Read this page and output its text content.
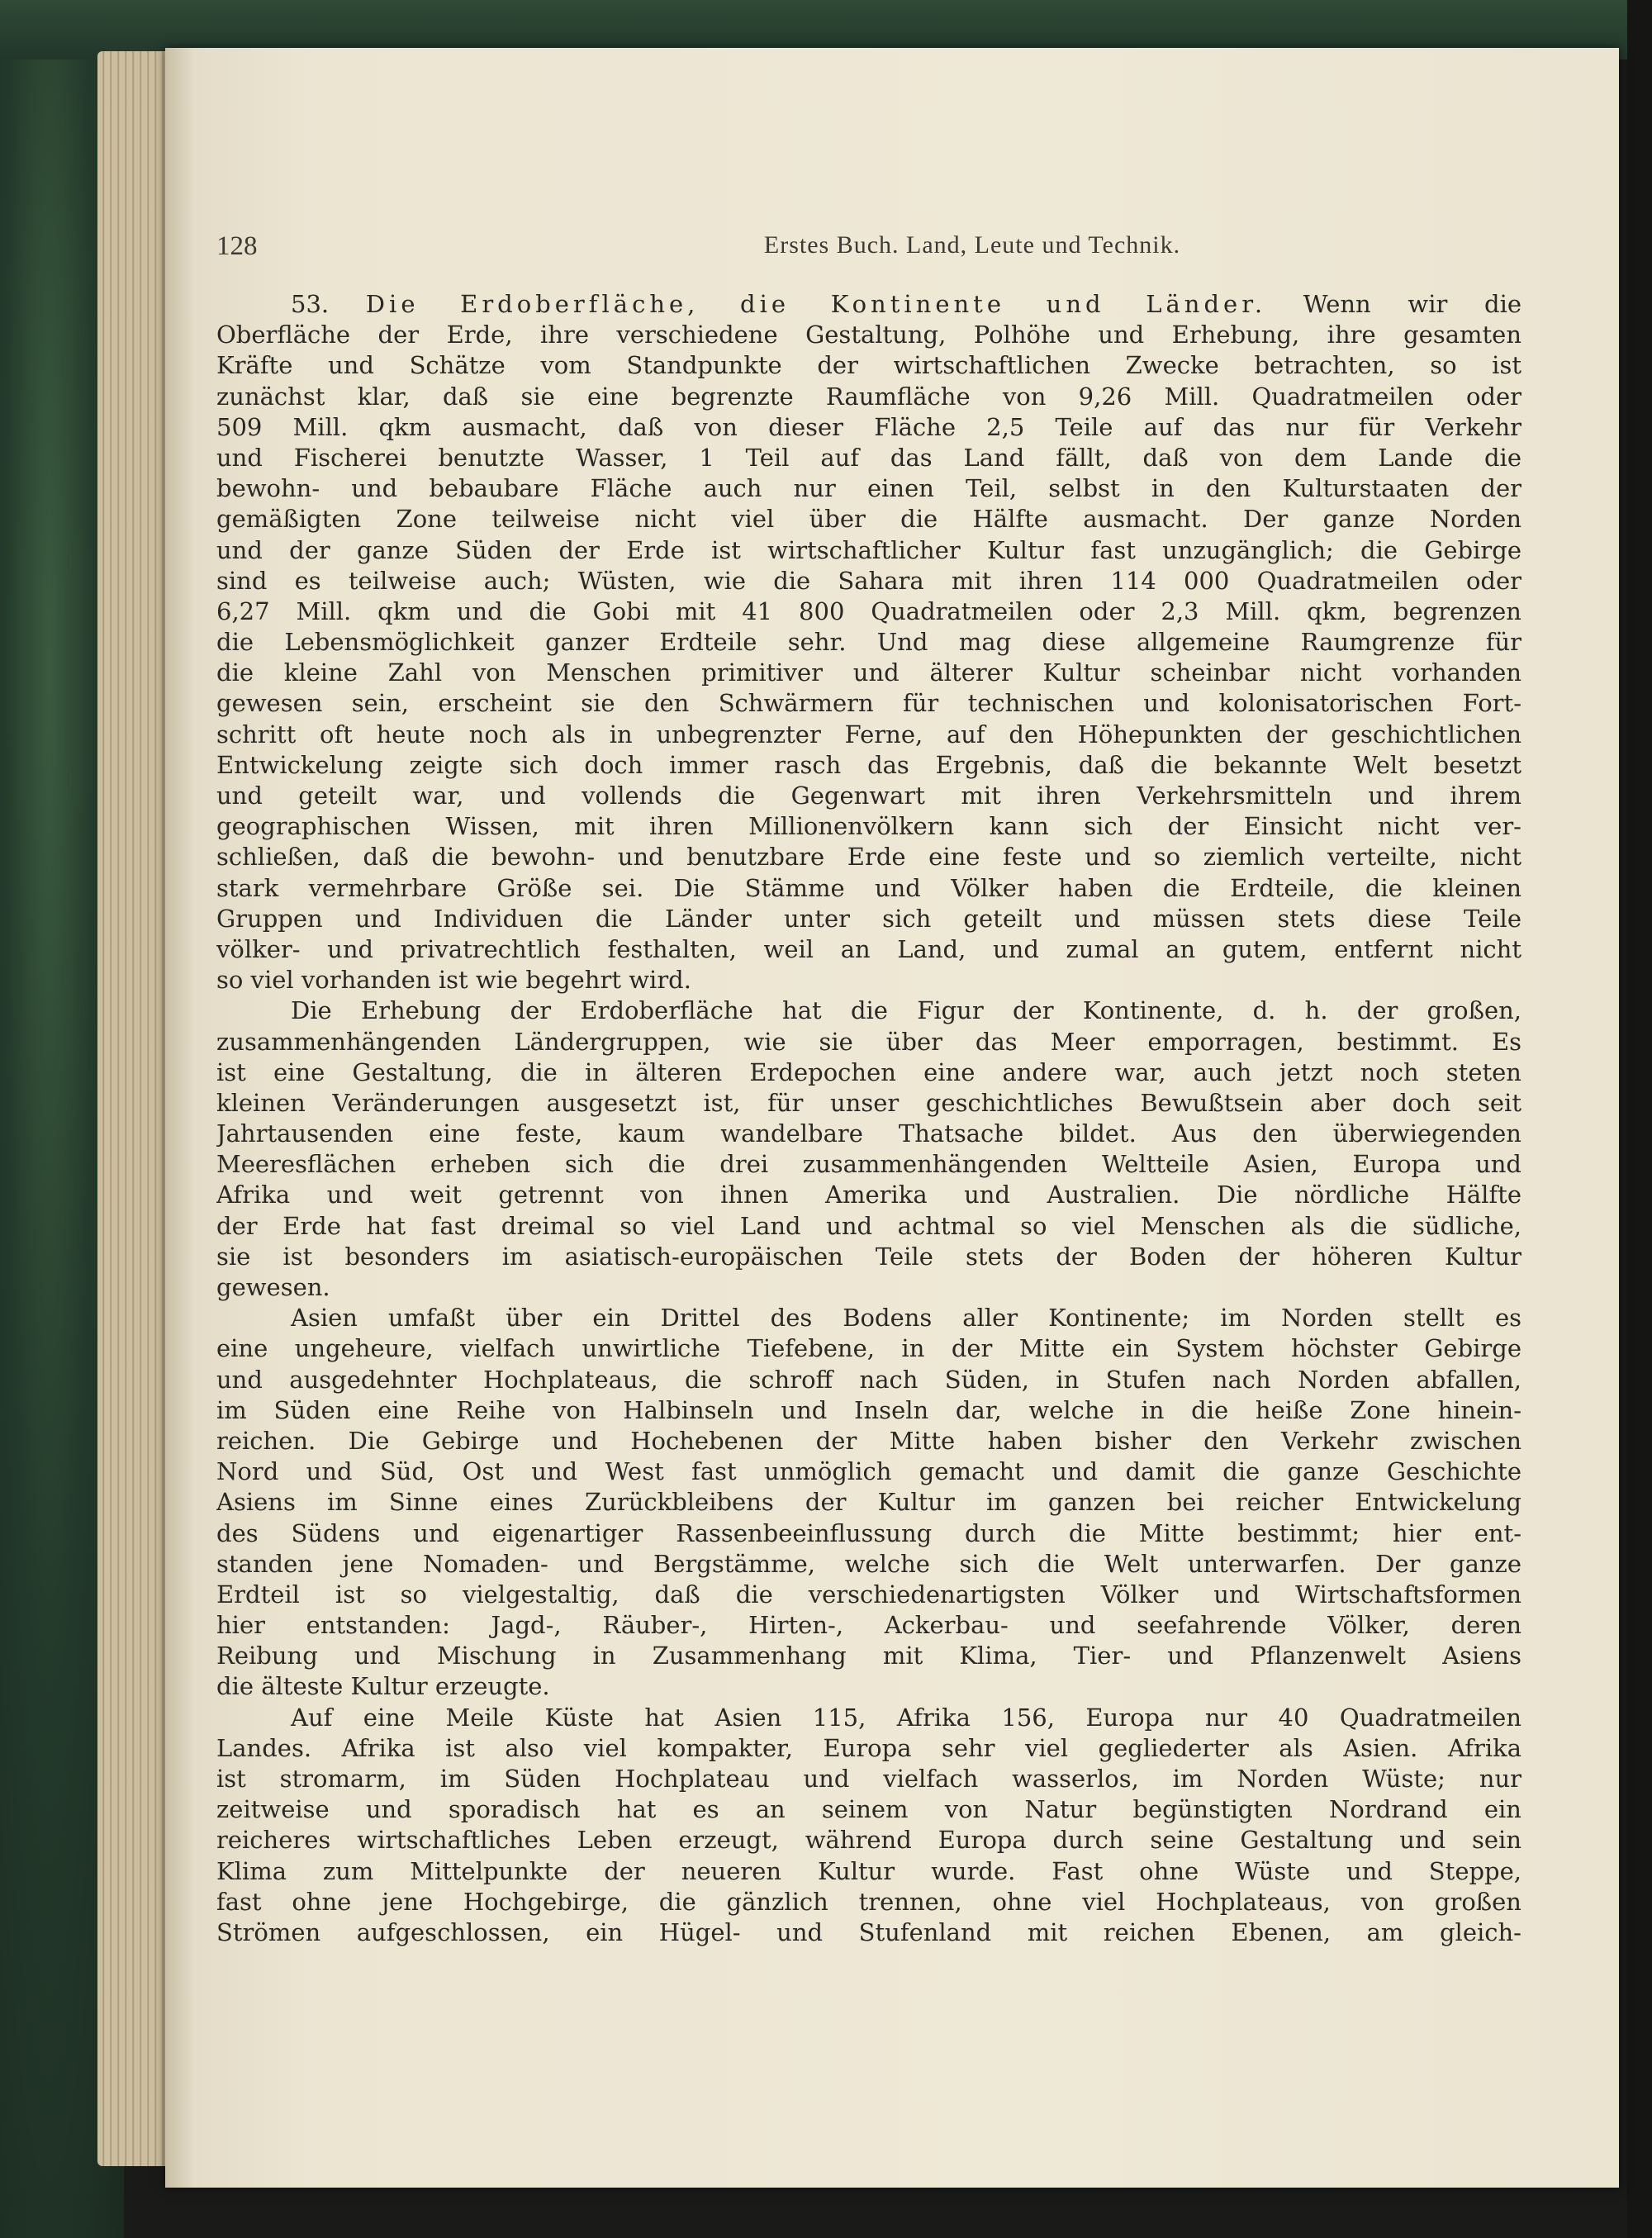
128	Erstes Buch. Land, Leute und Technik.
53. Die Erdoberfläche, die Kontinente und Länder. Wenn wir die
Oberfläche der Erde, ihre verschiedene Gestaltung, Polhöhe und Erhebung, ihre gesamten
Kräfte und Schätze vom Standpunkte der wirtschaftlichen Zwecke betrachten, so ist
zunächst klar, daß sie eine begrenzte Raumfläche von 9,26 Mill. Quadratmeilen oder
509 Mill. qkm ausmacht, daß von dieser Fläche 2,5 Teile auf das nur für Verkehr
und Fischerei benutzte Wasser, 1 Teil auf das Land fällt, daß von dem Lande die
bewohn- und bebaubare Fläche auch nur einen Teil, selbst in den Kulturstaaten der
gemäßigten Zone teilweise nicht viel über die Hälfte ausmacht. Der ganze Norden
und der ganze Süden der Erde ist wirtschaftlicher Kultur fast unzugänglich; die Gebirge
sind es teilweise auch; Wüsten, wie die Sahara mit ihren 114 000 Quadratmeilen oder
6,27 Mill. qkm und die Gobi mit 41 800 Quadratmeilen oder 2,3 Mill. qkm, begrenzen
die Lebensmöglichkeit ganzer Erdteile sehr. Und mag diese allgemeine Raumgrenze für
die kleine Zahl von Menschen primitiver und älterer Kultur scheinbar nicht vorhanden
gewesen sein, erscheint sie den Schwärmern für technischen und kolonisatorischen Fort-
schritt oft heute noch als in unbegrenzter Ferne, auf den Höhepunkten der geschichtlichen
Entwickelung zeigte sich doch immer rasch das Ergebnis, daß die bekannte Welt besetzt
und geteilt war, und vollends die Gegenwart mit ihren Verkehrsmitteln und ihrem
geographischen Wissen, mit ihren Millionenvölkern kann sich der Einsicht nicht ver-
schließen, daß die bewohn- und benutzbare Erde eine feste und so ziemlich verteilte, nicht
stark vermehrbare Größe sei. Die Stämme und Völker haben die Erdteile, die kleinen
Gruppen und Individuen die Länder unter sich geteilt und müssen stets diese Teile
völker- und privatrechtlich festhalten, weil an Land, und zumal an gutem, entfernt nicht
so viel vorhanden ist wie begehrt wird.
Die Erhebung der Erdoberfläche hat die Figur der Kontinente, d. h. der großen,
zusammenhängenden Ländergruppen, wie sie über das Meer emporragen, bestimmt. Es
ist eine Gestaltung, die in älteren Erdepochen eine andere war, auch jetzt noch steten
kleinen Veränderungen ausgesetzt ist, für unser geschichtliches Bewußtsein aber doch seit
Jahrtausenden eine feste, kaum wandelbare Thatsache bildet. Aus den überwiegenden
Meeresflächen erheben sich die drei zusammenhängenden Weltteile Asien, Europa und
Afrika und weit getrennt von ihnen Amerika und Australien. Die nördliche Hälfte
der Erde hat fast dreimal so viel Land und achtmal so viel Menschen als die südliche,
sie ist besonders im asiatisch-europäischen Teile stets der Boden der höheren Kultur
gewesen.
Asien umfaßt über ein Drittel des Bodens aller Kontinente; im Norden stellt es
eine ungeheure, vielfach unwirtliche Tiefebene, in der Mitte ein System höchster Gebirge
und ausgedehnter Hochplateaus, die schroff nach Süden, in Stufen nach Norden abfallen,
im Süden eine Reihe von Halbinseln und Inseln dar, welche in die heiße Zone hinein-
reichen. Die Gebirge und Hochebenen der Mitte haben bisher den Verkehr zwischen
Nord und Süd, Ost und West fast unmöglich gemacht und damit die ganze Geschichte
Asiens im Sinne eines Zurückbleibens der Kultur im ganzen bei reicher Entwickelung
des Südens und eigenartiger Rassenbeeinflussung durch die Mitte bestimmt; hier ent-
standen jene Nomaden- und Bergstämme, welche sich die Welt unterwarfen. Der ganze
Erdteil ist so vielgestaltig, daß die verschiedenartigsten Völker und Wirtschaftsformen
hier entstanden: Jagd-, Räuber-, Hirten-, Ackerbau- und seefahrende Völker, deren
Reibung und Mischung in Zusammenhang mit Klima, Tier- und Pflanzenwelt Asiens
die älteste Kultur erzeugte.
Auf eine Meile Küste hat Asien 115, Afrika 156, Europa nur 40 Quadratmeilen
Landes. Afrika ist also viel kompakter, Europa sehr viel gegliederter als Asien. Afrika
ist stromarm, im Süden Hochplateau und vielfach wasserlos, im Norden Wüste; nur
zeitweise und sporadisch hat es an seinem von Natur begünstigten Nordrand ein
reicheres wirtschaftliches Leben erzeugt, während Europa durch seine Gestaltung und sein
Klima zum Mittelpunkte der neueren Kultur wurde. Fast ohne Wüste und Steppe,
fast ohne jene Hochgebirge, die gänzlich trennen, ohne viel Hochplateaus, von großen
Strömen aufgeschlossen, ein Hügel- und Stufenland mit reichen Ebenen, am gleich-
